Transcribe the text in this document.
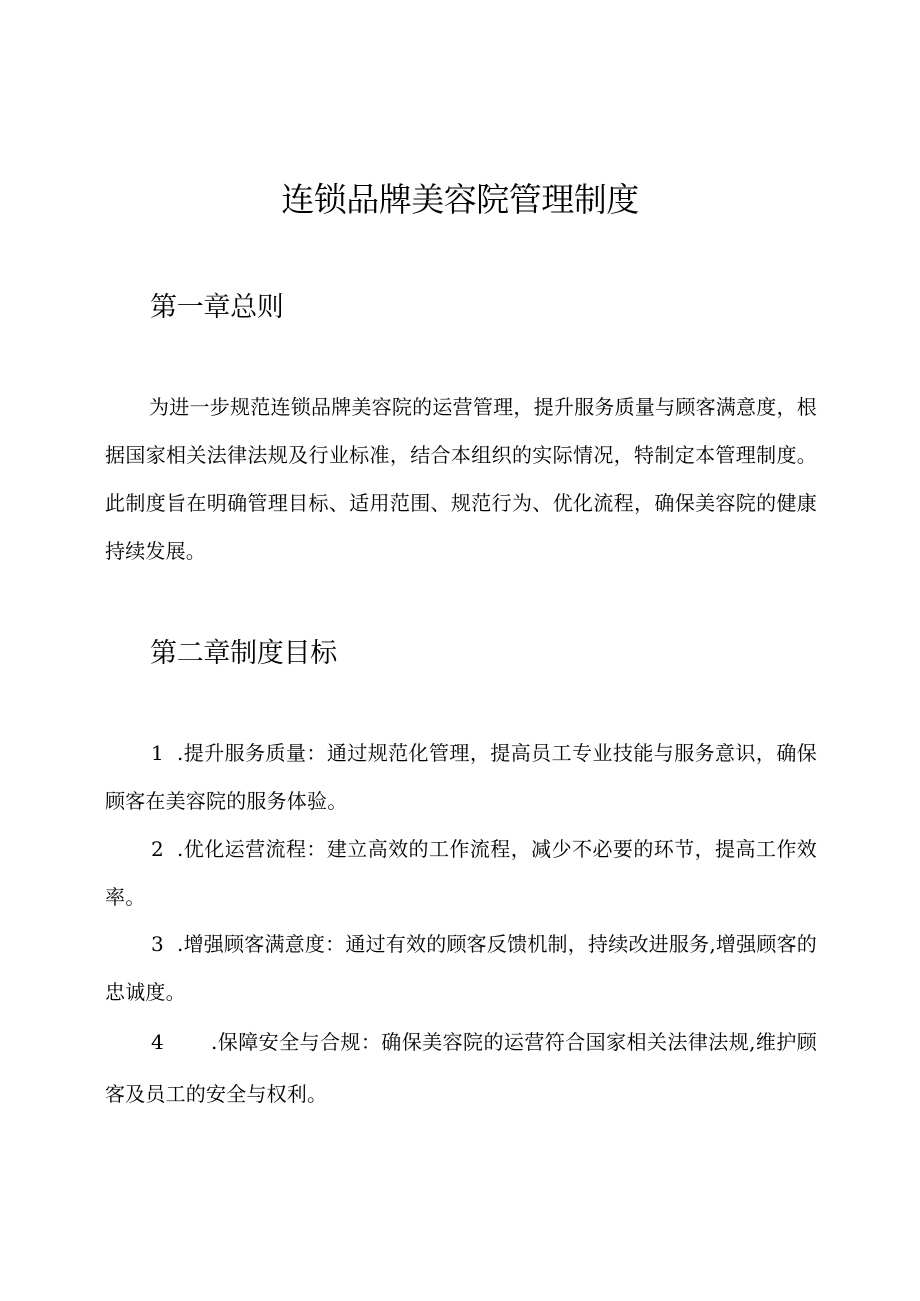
连锁品牌美容院管理制度
第一章总则

为进一步规范连锁品牌美容院的运营管理，提升服务质量与顾客满意度，根据国家相关法律法规及行业标准，结合本组织的实际情况，特制定本管理制度。此制度旨在明确管理目标、适用范围、规范行为、优化流程，确保美容院的健康持续发展。

第二章制度目标

1 .提升服务质量：通过规范化管理，提高员工专业技能与服务意识，确保顾客在美容院的服务体验。

2 .优化运营流程：建立高效的工作流程，减少不必要的环节，提高工作效率。

3 .增强顾客满意度：通过有效的顾客反馈机制，持续改进服务,增强顾客的忠诚度。

4 .保障安全与合规：确保美容院的运营符合国家相关法律法规,维护顾客及员工的安全与权利。
